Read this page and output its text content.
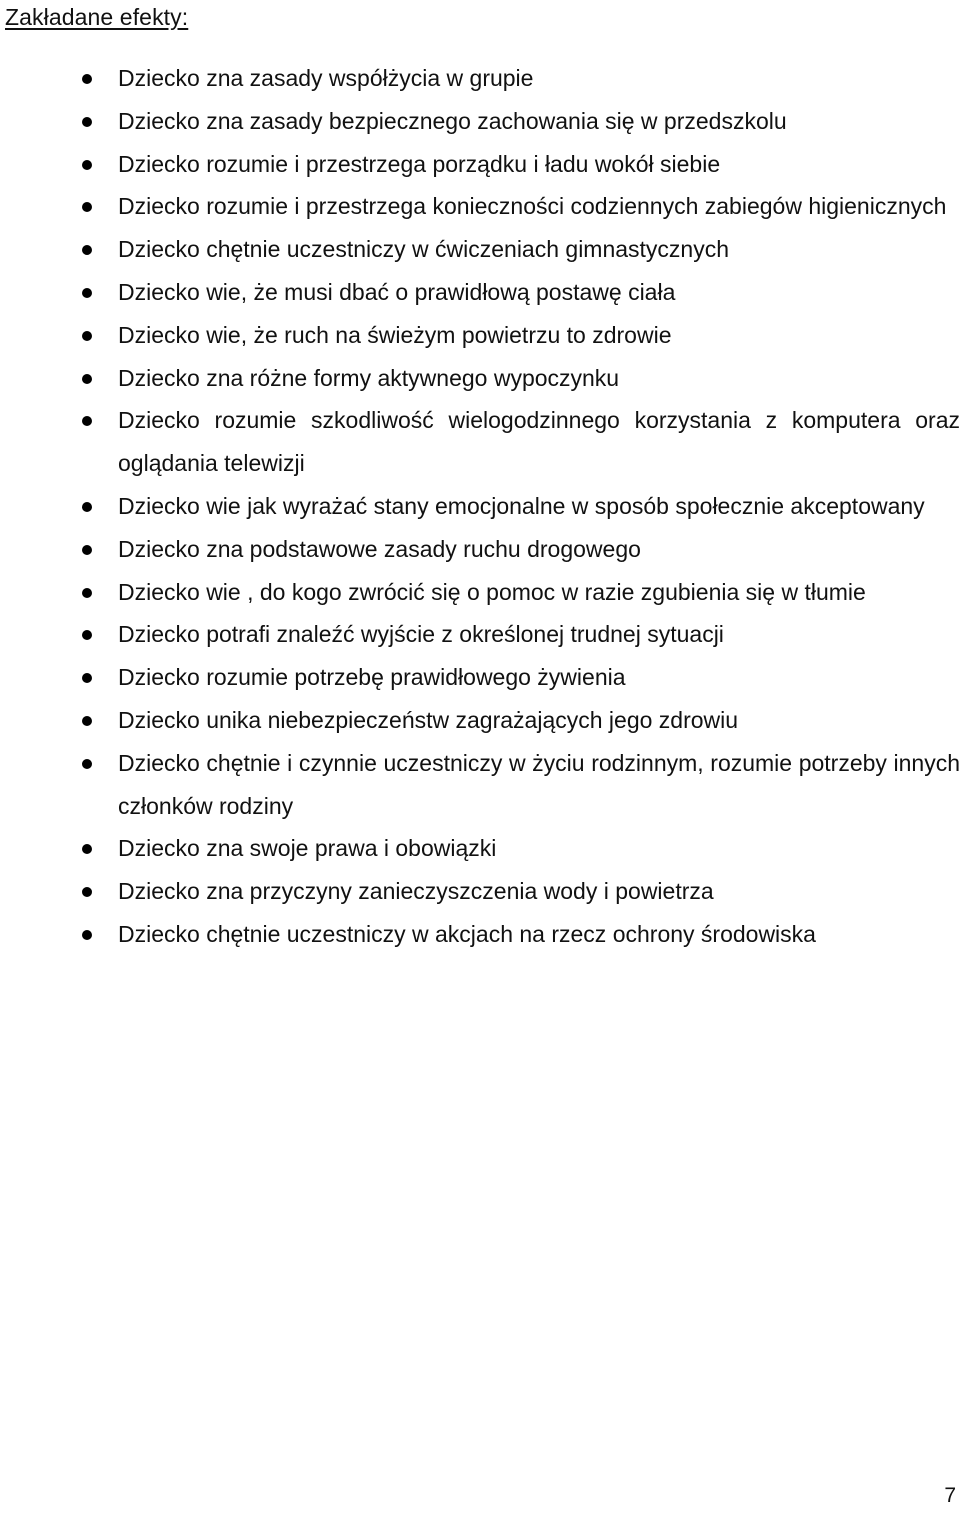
Zakładane efekty:
Dziecko zna zasady współżycia w grupie
Dziecko zna zasady bezpiecznego zachowania się w przedszkolu
Dziecko rozumie i przestrzega porządku i ładu wokół siebie
Dziecko rozumie i przestrzega konieczności codziennych zabiegów higienicznych
Dziecko chętnie uczestniczy w ćwiczeniach gimnastycznych
Dziecko wie, że musi dbać o prawidłową postawę ciała
Dziecko wie, że ruch na świeżym powietrzu to zdrowie
Dziecko zna różne formy aktywnego wypoczynku
Dziecko rozumie szkodliwość wielogodzinnego korzystania z komputera oraz oglądania telewizji
Dziecko wie jak wyrażać stany emocjonalne w sposób społecznie akceptowany
Dziecko zna podstawowe zasady ruchu drogowego
Dziecko wie , do kogo zwrócić się o pomoc w razie zgubienia się w tłumie
Dziecko potrafi znaleźć wyjście z określonej trudnej sytuacji
Dziecko rozumie potrzebę prawidłowego żywienia
Dziecko unika niebezpieczeństw zagrażających jego zdrowiu
Dziecko chętnie i czynnie uczestniczy w życiu rodzinnym, rozumie potrzeby innych członków rodziny
Dziecko zna swoje prawa i obowiązki
Dziecko zna przyczyny zanieczyszczenia wody i powietrza
Dziecko chętnie uczestniczy w akcjach na rzecz ochrony środowiska
7
